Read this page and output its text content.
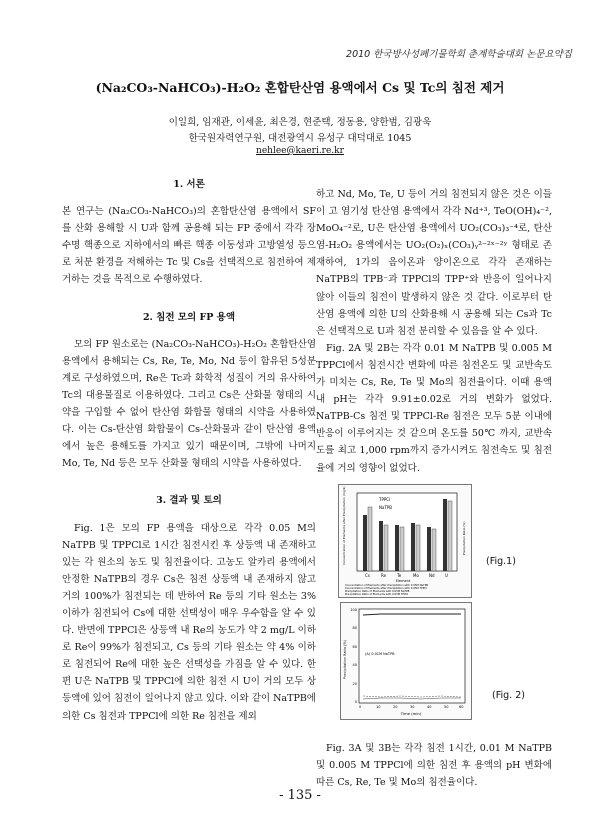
2010 한국방사성폐기물학회 춘계학술대회 논문요약집
(Na₂CO₃-NaHCO₃)-H₂O₂ 혼합탄산염 용액에서 Cs 및 Tc의 침전 제거
이일희, 임재관, 이세윤, 최은경, 현준택, 정동용, 양한범, 김광욱
한국원자력연구원, 대전광역시 유성구 대덕대로 1045
nehlee@kaeri.re.kr

1. 서론

본 연구는 (Na₂CO₃-NaHCO₃)의 혼합탄산염 용액에서 SF를 산화 용해할 시 U과 함께 공용해 되는 FP 중에서 각각 장수명 핵종으로 지하에서의 빠른 핵종 이동성과 고방열성 등으로 처분 환경을 저해하는 Tc 및 Cs을 선택적으로 침전하여 제거하는 것을 목적으로 수행하였다.

2. 침전 모의 FP 용액

모의 FP 원소로는 (Na₂CO₃-NaHCO₃)-H₂O₂ 혼합탄산염 용액에서 용해되는 Cs, Re, Te, Mo, Nd 등이 함유된 5성분 계로 구성하였으며, Re은 Tc과 화학적 성질이 거의 유사하여 Tc의 대용물질로 이용하였다. 그리고 Cs은 산화물 형태의 시약을 구입할 수 없어 탄산염 화합물 형태의 시약을 사용하였다. 이는 Cs-탄산염 화합물이 Cs-산화물과 같이 탄산염 용액에서 높은 용해도를 가지고 있기 때문이며, 그밖에 나머지 Mo, Te, Nd 등은 모두 산화물 형태의 시약을 사용하였다.

3. 결과 및 토의

Fig. 1은 모의 FP 용액을 대상으로 각각 0.05 M의 NaTPB 및 TPPCl로 1시간 침전시킨 후 상등액 내 존재하고 있는 각 원소의 농도 및 침전율이다. 고농도 알카리 용액에서 안정한 NaTPB의 경우 Cs은 침전 상등액 내 존재하지 않고 거의 100%가 침전되는 데 반하여 Re 등의 기타 원소는 3% 이하가 침전되어 Cs에 대한 선택성이 매우 우수함을 알 수 있다. 반면에 TPPCl은 상등액 내 Re의 농도가 약 2 mg/L 이하로 Re이 99%가 침전되고, Cs 등의 기타 원소는 약 4% 이하로 침전되어 Re에 대한 높은 선택성을 가짐을 알 수 있다. 한편 U은 NaTPB 및 TPPCl에 의한 침전 시 U이 거의 모두 상등액에 있어 침전이 일어나지 않고 있다. 이와 같이 NaTPB에 의한 Cs 침전과 TPPCl에 의한 Re 침전을 제외

하고 Nd, Mo, Te, U 등이 거의 침전되지 않은 것은 이들이 고 염기성 탄산염 용액에서 각각 Nd⁺³, TeO(OH)₄⁻², MoO₄⁻²로, U은 탄산염 용액에서 UO₂(CO₃)₃⁻⁴로, 탄산염-H₂O₂ 용액에서는 UO₂(O₂)ₓ(CO₃)ᵧ²⁻²ˣ⁻²ʸ 형태로 존재하여, 1가의 음이온과 양이온으로 각각 존재하는 NaTPB의 TPB⁻과 TPPCl의 TPP⁺와 반응이 일어나지 않아 이들의 침전이 발생하지 않은 것 같다. 이로부터 탄산염 용액에 의한 U의 산화용해 시 공용해 되는 Cs과 Tc은 선택적으로 U과 침전 분리할 수 있음을 알 수 있다.

Fig. 2A 및 2B는 각각 0.01 M NaTPB 및 0.005 M TPPCl에서 침전시간 변화에 따른 침전온도 및 교반속도가 미치는 Cs, Re, Te 및 Mo의 침전율이다. 이때 용액 내 pH는 각각 9.91±0.02로 거의 변화가 없었다. NaTPB-Cs 침전 및 TPPCl-Re 침전은 모두 5분 이내에 반응이 이루어지는 것 같으며 온도를 50℃ 까지, 교반속도를 최고 1,000 rpm까지 증가시켜도 침전속도 및 침전율에 거의 영향이 없었다.

TPPCl
NaTPB
Cs	Re	Te	Mo	Nd	U
Element
Concentration of Elements after Precipitation (mg/L)	Precipitation Ratio (%)
Concentration of Elements after Precipitation with 0.05M NaTPB
Concentration of Elements after Precipitation with 0.05M TPPCl
Precipitation Ratio of Elements with 0.05M NaTPB
Precipitation Ratio of Elements with 0.05M TPPCl
(Fig.1)
(A) 0.01M NaTPB
0	10	20	30	40	50	60
0
20
40
60
80
100
Time (min)
Precipitation Ratio (%)
(Fig. 2)

Fig. 3A 및 3B는 각각 침전 1시간, 0.01 M NaTPB 및 0.005 M TPPCl에 의한 침전 후 용액의 pH 변화에 따른 Cs, Re, Te 및 Mo의 침전율이다.

- 135 -
